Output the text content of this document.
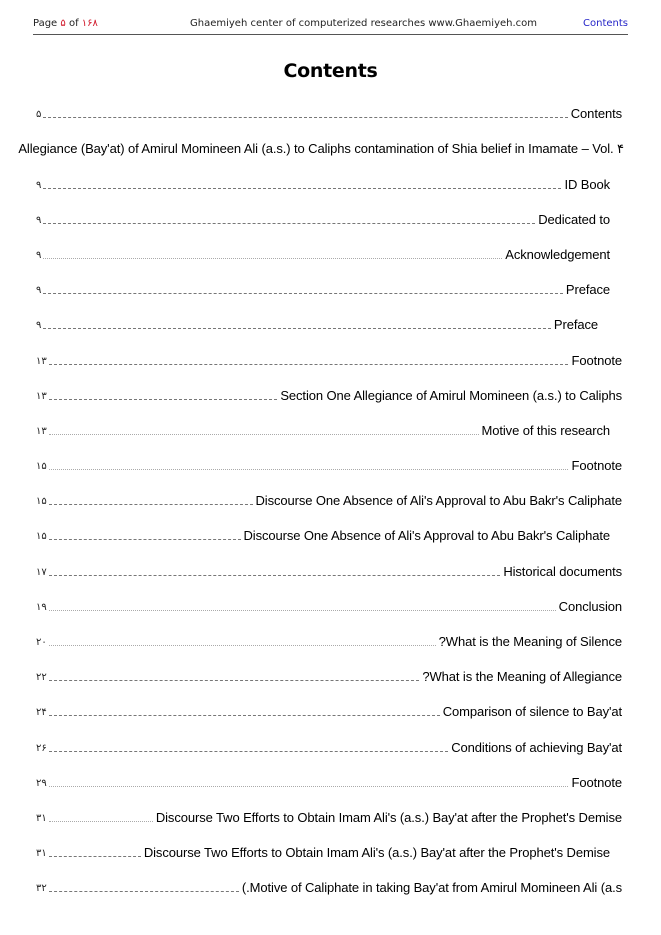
Page ۵ of ۱۶۸	Ghaemiyeh center of computerized researches www.Ghaemiyeh.com	Contents
Contents
۵	Contents
Allegiance (Bay'at) of Amirul Momineen Ali (a.s.) to Caliphs contamination of Shia belief in Imamate – Vol. ۴
۹	ID Book
۹	Dedicated to
۹	Acknowledgement
۹	Preface
۹	Preface
۱۳	Footnote
۱۳	Section One Allegiance of Amirul Momineen (a.s.) to Caliphs
۱۳	Motive of this research
۱۵	Footnote
۱۵	Discourse One Absence of Ali's Approval to Abu Bakr's Caliphate
۱۵	Discourse One Absence of Ali's Approval to Abu Bakr's Caliphate
۱۷	Historical documents
۱۹	Conclusion
۲۰	?What is the Meaning of Silence
۲۲	?What is the Meaning of Allegiance
۲۴	Comparison of silence to Bay'at
۲۶	Conditions of achieving Bay'at
۲۹	Footnote
۳۱	Discourse Two Efforts to Obtain Imam Ali's (a.s.) Bay'at after the Prophet's Demise
۳۱	Discourse Two Efforts to Obtain Imam Ali's (a.s.) Bay'at after the Prophet's Demise
۳۲	(.Motive of Caliphate in taking Bay'at from Amirul Momineen Ali (a.s
